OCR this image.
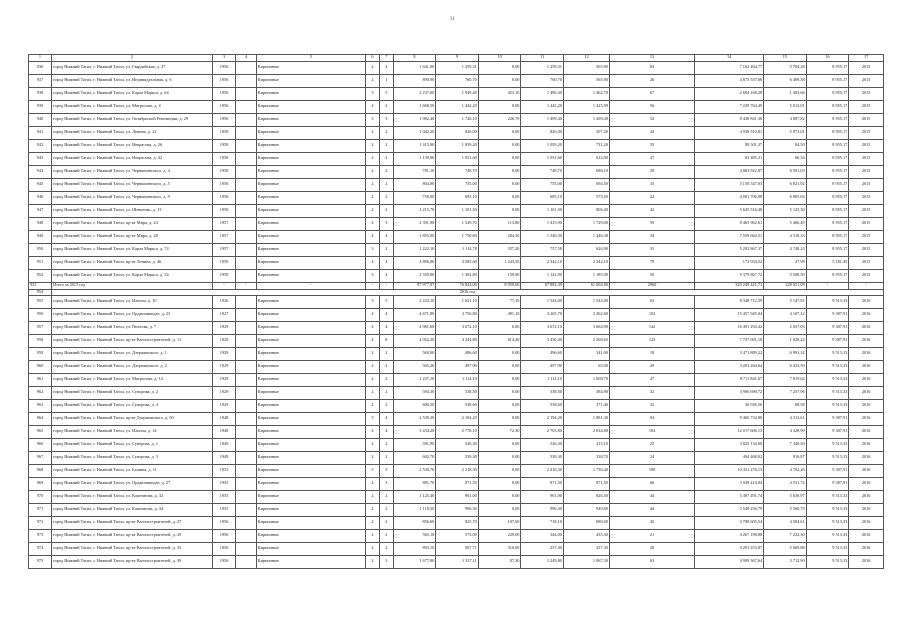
31
1	2	3	4	5	6	7	8	9	10	11	12	13	14	15	16	17
936	город Нижний Тагил, г. Нижний Тагил, ул. Гвардейская, д. 47	1956		Кирпичные	2	4	1 641,00	1 259,31	0,00	1 259,31	565,90	84	7 162 464,77	5 704,28	8 955,17	2015
937	город Нижний Тагил, г. Нижний Тагил, ул. Индивидуальная, д. 6	1956		Кирпичные	2	1	890,90	760,70	0,00	760,70	565,90	26	4 875 537,66	6 409,38	8 955,17	2015
938	город Нижний Тагил, г. Нижний Тагил, ул. Карла Маркса, д. 64	1956		Кирпичные	3	3	2 237,00	1 949,40	453,10	1 496,30	1 462,70	67	2 694 168,28	1 403,66	8 955,17	2015
939	город Нижний Тагил, г. Нижний Тагил, ул. Матросова, д. 4	1956		Кирпичные	4	2	1 668,50	1 442,20	0,00	1 442,20	1 425,99	56	7 229 764,49	5 012,01	8 955,17	2015
940	город Нижний Тагил, г. Нижний Тагил, ул. Октябрьской Революции, д. 29	1956		Кирпичные	3	3	1 982,40	1 726,10	226,70	1 499,40	1 269,49	52	8 438 841,36	4 887,82	8 955,17	2015
941	город Нижний Тагил, г. Нижний Тагил, ул. Ленина, д. 22	1958		Кирпичные	2	2	1 042,20	826,00	0,00	826,00	507,20	44	4 938 510,81	5 973,01	8 955,17	2015
942	город Нижний Тагил, г. Нижний Тагил, ул. Некрасова, д. 26	1958		Кирпичные	2	2	1 415,90	1 059,20	0,00	1 059,20	731,20	35	89 501,37	84,50	8 955,17	2015
943	город Нижний Тагил, г. Нижний Тагил, ул. Некрасова, д. 42	1958		Кирпичные	2	2	1 139,90	1 051,60	0,00	1 051,60	612,90	47	63 485,31	60,34	8 955,17	2015
944	город Нижний Тагил, г. Нижний Тагил, ул. Чернышевского, д. 4	1958		Кирпичные	2	2	781,10	748,70	0,00	748,70	686,10	29	4 863 922,87	6 501,03	8 955,17	2015
945	город Нижний Тагил, г. Нижний Тагил, ул. Чернышевского, д. 5	1958		Кирпичные	2	2	804,00	755,00	0,00	755,00	694,50	33	5 150 547,03	6 821,92	8 955,17	2015
946	город Нижний Тагил, г. Нижний Тагил, ул. Чернышевского, д. 9	1958		Кирпичные	2	2	750,00	695,10	0,00	695,10	575,50	24	4 681 706,98	6 805,63	8 955,17	2015
947	город Нижний Тагил, г. Нижний Тагил, ул. Шевченко, д. 13	1958		Кирпичные	2	2	1 215,70	1 101,50	0,00	1 101,50	806,40	42	5 645 516,48	5 125,30	8 955,17	2015
948	город Нижний Тагил, г. Нижний Тагил, пр-кт Мира, д. 24	1957		Кирпичные	4	3	2 391,90	1 529,70	113,80	1 415,90	1 729,00	59	8 465 962,61	5 466,49	8 955,17	2015
949	город Нижний Тагил, г. Нижний Тагил, пр-кт Мира, д. 28	1957		Кирпичные	4	4	1 855,00	1 750,60	204,30	1 546,30	1 446,30	34	7 559 664,51	4 318,33	8 955,17	2015
950	город Нижний Тагил, г. Нижний Тагил, ул. Карла Маркса, д. 74	1957		Кирпичные	3	2	1 222,10	1 114,78	357,20	757,58	626,90	31	5 292 867,37	4 748,23	8 955,17	2015
951	город Нижний Тагил, г. Нижний Тагил, пр-кт Ленина, д. 46	1959		Кирпичные	4	4	3 896,80	3 585,60	1 243,50	2 342,10	2 342,10	70	172 034,52	47,98	5 181,45	2015
952	город Нижний Тагил, г. Нижний Тагил, ул. Карла Маркса, д. 54	1959		Кирпичные	3	4	2 559,00	1 302,80	159,90	1 142,90	1 185,90	50	9 379 867,72	5 508,50	8 955,17	2015
953	Итого за 2015 год	-	-	-	-	-	87 977,97	76 842,00	8 959,60	67 882,39	61 004,80	2960	320 249 421,71	228 651,09	-	-
954	2016 год															
955	город Нижний Тагил, г. Нижний Тагил, ул. Ильича, д. 10	1926		Кирпичные	3	3	2 224,10	1 621,10	77,10	1 544,00	1 544,00	63	8 348 712,39	5 147,91	9 513,33	2016
956	город Нижний Тагил, г. Нижний Тагил, ул. Орджоникидзе, д. 23	1927		Кирпичные	4	4	4 671,80	3 756,80	491,10	3 265,70	3 262,60	102	15 457 945,04	4 107,12	9 387,91	2016
957	город Нижний Тагил, г. Нижний Тагил, ул. Пихтова, д. 7	1929		Кирпичные	4	4	4 981,60	3 672,10	0,00	3 672,10	3 664,90	142	16 491 294,42	2 657,03	9 387,91	2016
958	город Нижний Тагил, г. Нижний Тагил, пр-кт Вагоностроителей, д. 11	1929		Кирпичные	4	8	4 952,20	4 244,80	814,40	3 430,40	2 568,65	123	7 757 001,18	1 828,24	9 387,91	2016
959	город Нижний Тагил, г. Нижний Тагил, ул. Дзержинского, д. 1	1929		Кирпичные	2	2	560,00	496,60	0,00	496,60	341,00	18	3 471 889,22	6 991,32	9 513,33	2016
960	город Нижний Тагил, г. Нижний Тагил, ул. Дзержинского, д. 2	1929		Кирпичные	2	2	565,20	497,90	0,00	497,90	65,00	29	3 203 264,64	6 433,59	9 513,33	2016
961	город Нижний Тагил, г. Нижний Тагил, ул. Матросова, д. 14	1929		Кирпичные	2	2	1 237,10	1 114,10	0,00	1 114,10	1 008,70	47	8 711 841,67	7 819,62	9 513,33	2016
962	город Нижний Тагил, г. Нижний Тагил, ул. Суворова, д. 2	1929		Кирпичные	2	2	594,30	538,50	0,00	538,50	384,90	32	3 906 690,72	7 257,96	9 513,33	2016
963	город Нижний Тагил, г. Нижний Тагил, ул. Суворова, д. 4	1929		Кирпичные	2	2	600,50	538,60	0,00	538,60	371,40	32	36 936,56	68,58	9 513,33	2016
964	город Нижний Тагил, г. Нижний Тагил, пр-кт Дзержинского, д. 50	1948		Кирпичные	5	4	2 539,20	2 194,20	0,00	2 194,20	1 881,30	94	9 460 734,80	4 312,61	9 387,91	2016
965	город Нижний Тагил, г. Нижний Тагил, ул. Ильича, д. 14	1948		Кирпичные	4	4	3 434,20	2 776,10	72,30	2 703,80	2 634,80	104	12 017 606,13	4 328,99	9 387,91	2016
966	город Нижний Тагил, г. Нижний Тагил, ул. Суворова, д. 1	1949		Кирпичные	2	2	591,90	526,30	0,00	526,30	215,10	25	3 825 134,00	7 340,50	9 513,33	2016
967	город Нижний Тагил, г. Нижний Тагил, ул. Суворова, д. 3	1949		Кирпичные	2	2	602,70	539,30	0,00	539,30	338,70	24	494 468,02	916,87	9 513,33	2016
968	город Нижний Тагил, г. Нижний Тагил, ул. Балины, д. 11	1953		Кирпичные	5	5	2 530,70	2 218,30	0,00	2 218,30	1 730,40	190	10 431 276,13	4 702,26	9 387,91	2016
969	город Нижний Тагил, г. Нижний Тагил, ул. Орджоникидзе, д. 27	1955		Кирпичные	4	3	881,70	871,50	0,00	871,50	871,50	66	3 949 414,84	4 531,74	9 387,91	2016
970	город Нижний Тагил, г. Нижний Тагил, ул. Каштанова, д. 32	1955		Кирпичные	2	2	1 125,40	901,00	0,00	901,00	826,50	44	5 497 491,74	5 638,97	9 513,33	2016
971	город Нижний Тагил, г. Нижний Тагил, ул. Каштанова, д. 34	1955		Кирпичные	2	2	1 118,50	996,30	0,00	996,30	949,80	44	5 549 256,79	5 560,79	9 513,33	2016
972	город Нижний Тагил, г. Нижний Тагил, пр-кт Вагоностроителей, д. 27	1956		Кирпичные	2	2	856,60	825,70	107,60	718,10	680,00	45	3 788 605,54	4 584,61	9 513,33	2016
973	город Нижний Тагил, г. Нижний Тагил, пр-кт Вагоностроителей, д. 29	1956		Кирпичные	2	2	565,10	573,00	229,00	344,00	435,30	21	4 267 198,88	7 232,30	9 513,33	2016
974	город Нижний Тагил, г. Нижний Тагил, пр-кт Вагоностроителей, д. 33	1956		Кирпичные	2	2	893,10	567,71	310,00	257,30	257,30	28	4 291 253,87	5 669,88	9 513,33	2016
975	город Нижний Тагил, г. Нижний Тагил, пр-кт Вагоностроителей, д. 39	1956		Кирпичные	2	3	1 677,80	1 337,11	87,30	1 249,80	1 067,30	63	4 909 367,64	3 712,90	9 513,33	2016
